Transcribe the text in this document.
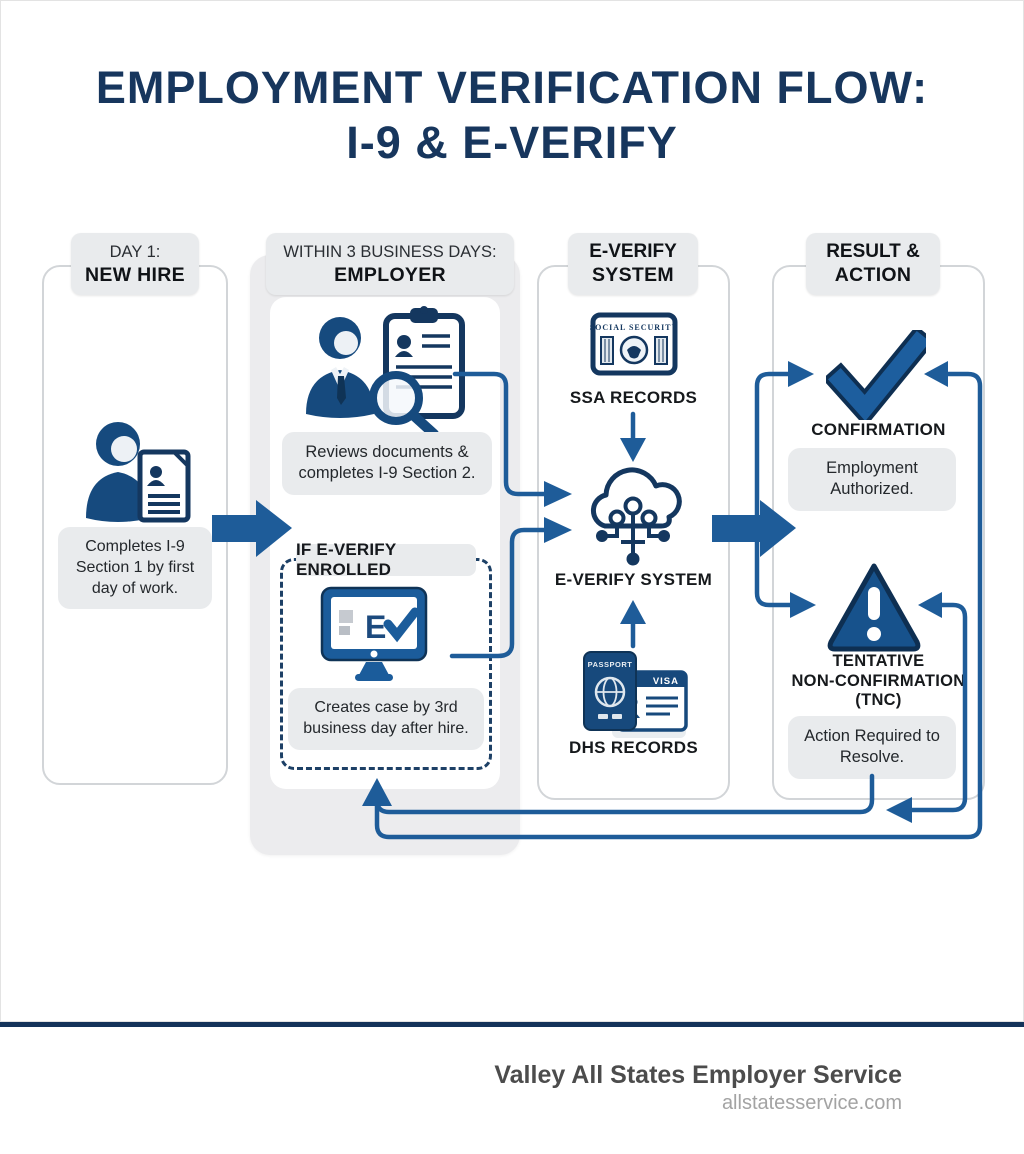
EMPLOYMENT VERIFICATION FLOW:
I-9 & E-VERIFY
DAY 1:
NEW HIRE
WITHIN 3 BUSINESS DAYS:
EMPLOYER
E-VERIFY
SYSTEM
RESULT &
ACTION
Completes I-9 Section 1 by first day of work.
Reviews documents & completes I-9 Section 2.
IF E-VERIFY ENROLLED
E
Creates case by 3rd business day after hire.
SOCIAL SECURITY
SSA RECORDS
E-VERIFY SYSTEM
VISA
PASSPORT
DHS RECORDS
CONFIRMATION
Employment Authorized.
TENTATIVE
NON-CONFIRMATION
(TNC)
Action Required to Resolve.
Valley All States Employer Service
allstatesservice.com
